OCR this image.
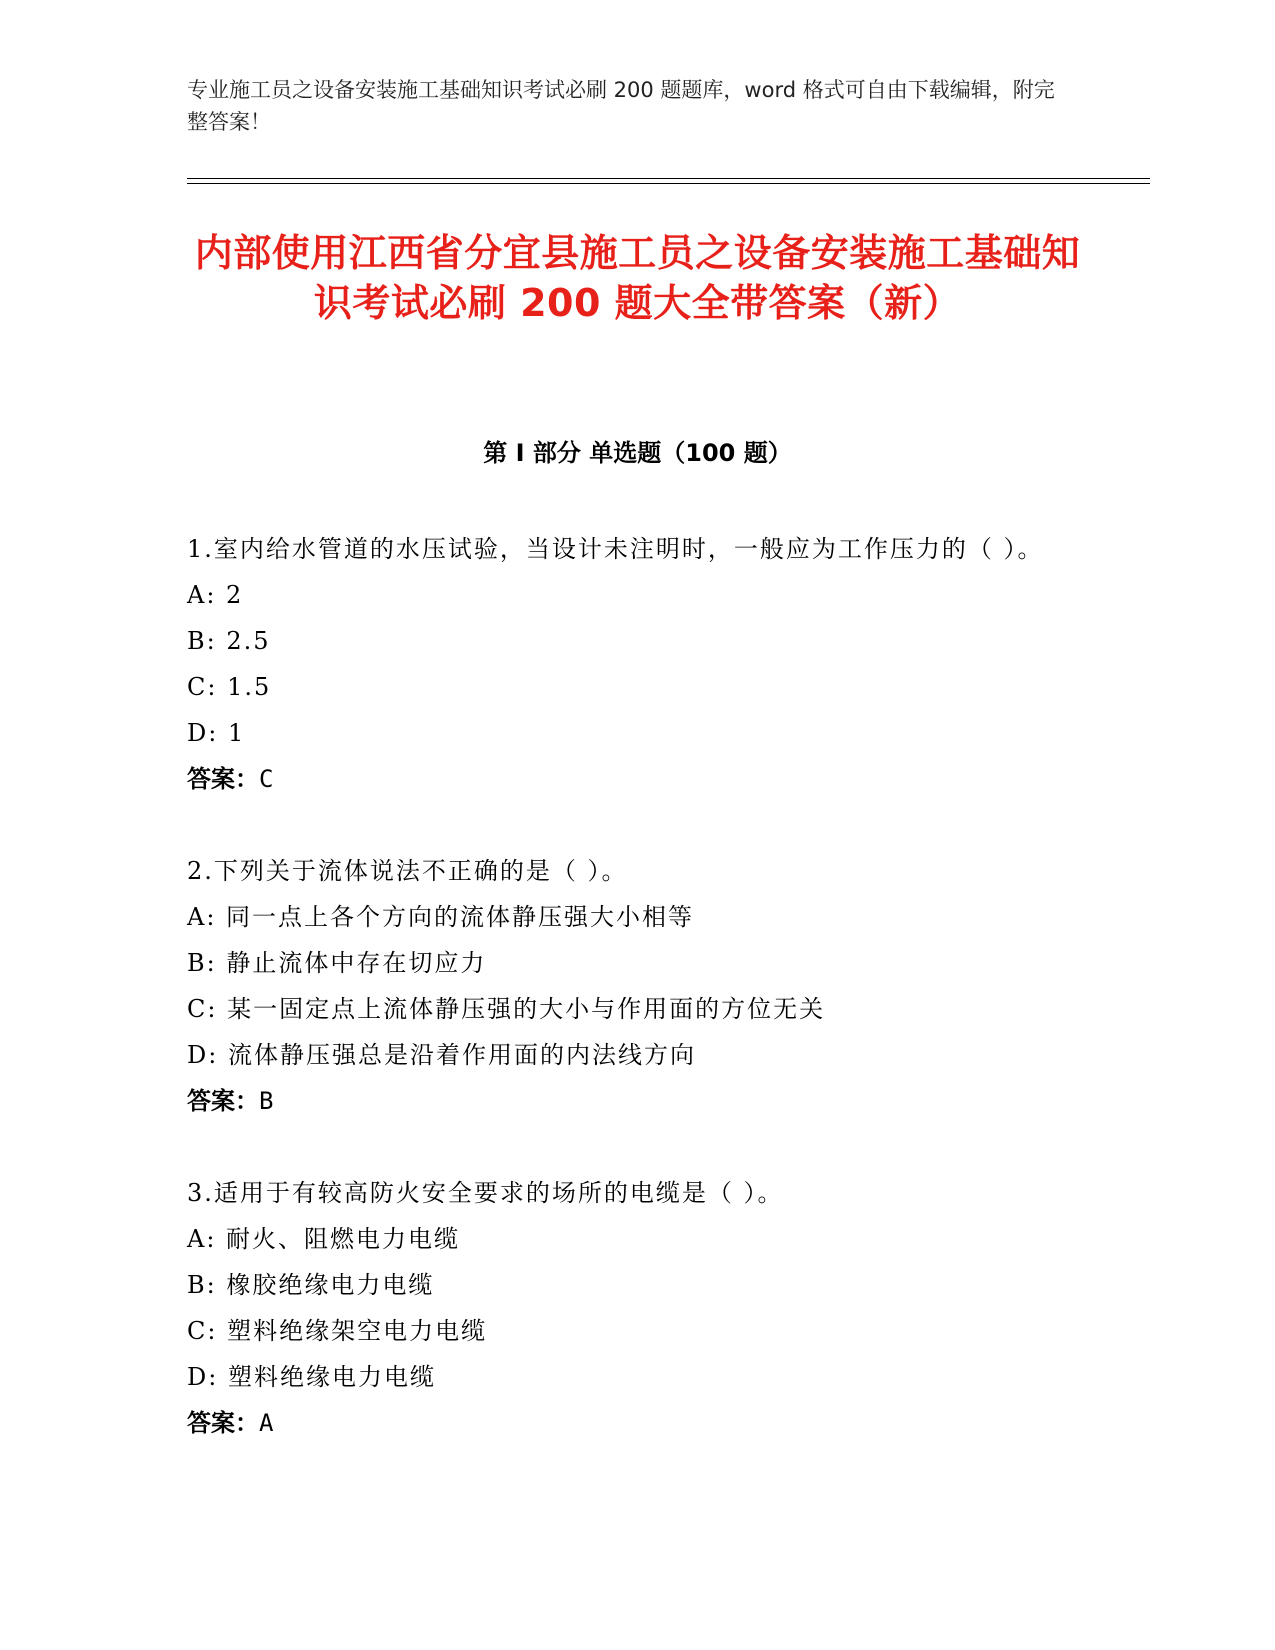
专业施工员之设备安装施工基础知识考试必刷 200 题题库，word 格式可自由下载编辑，附完整答案！
内部使用江西省分宜县施工员之设备安装施工基础知识考试必刷 200 题大全带答案（新）
第 I 部分 单选题（100 题）
1.室内给水管道的水压试验，当设计未注明时，一般应为工作压力的（ ）。
A: 2
B: 2.5
C: 1.5
D: 1
答案：C
2.下列关于流体说法不正确的是（ ）。
A: 同一点上各个方向的流体静压强大小相等
B: 静止流体中存在切应力
C: 某一固定点上流体静压强的大小与作用面的方位无关
D: 流体静压强总是沿着作用面的内法线方向
答案：B
3.适用于有较高防火安全要求的场所的电缆是（ ）。
A: 耐火、阻燃电力电缆
B: 橡胶绝缘电力电缆
C: 塑料绝缘架空电力电缆
D: 塑料绝缘电力电缆
答案：A
